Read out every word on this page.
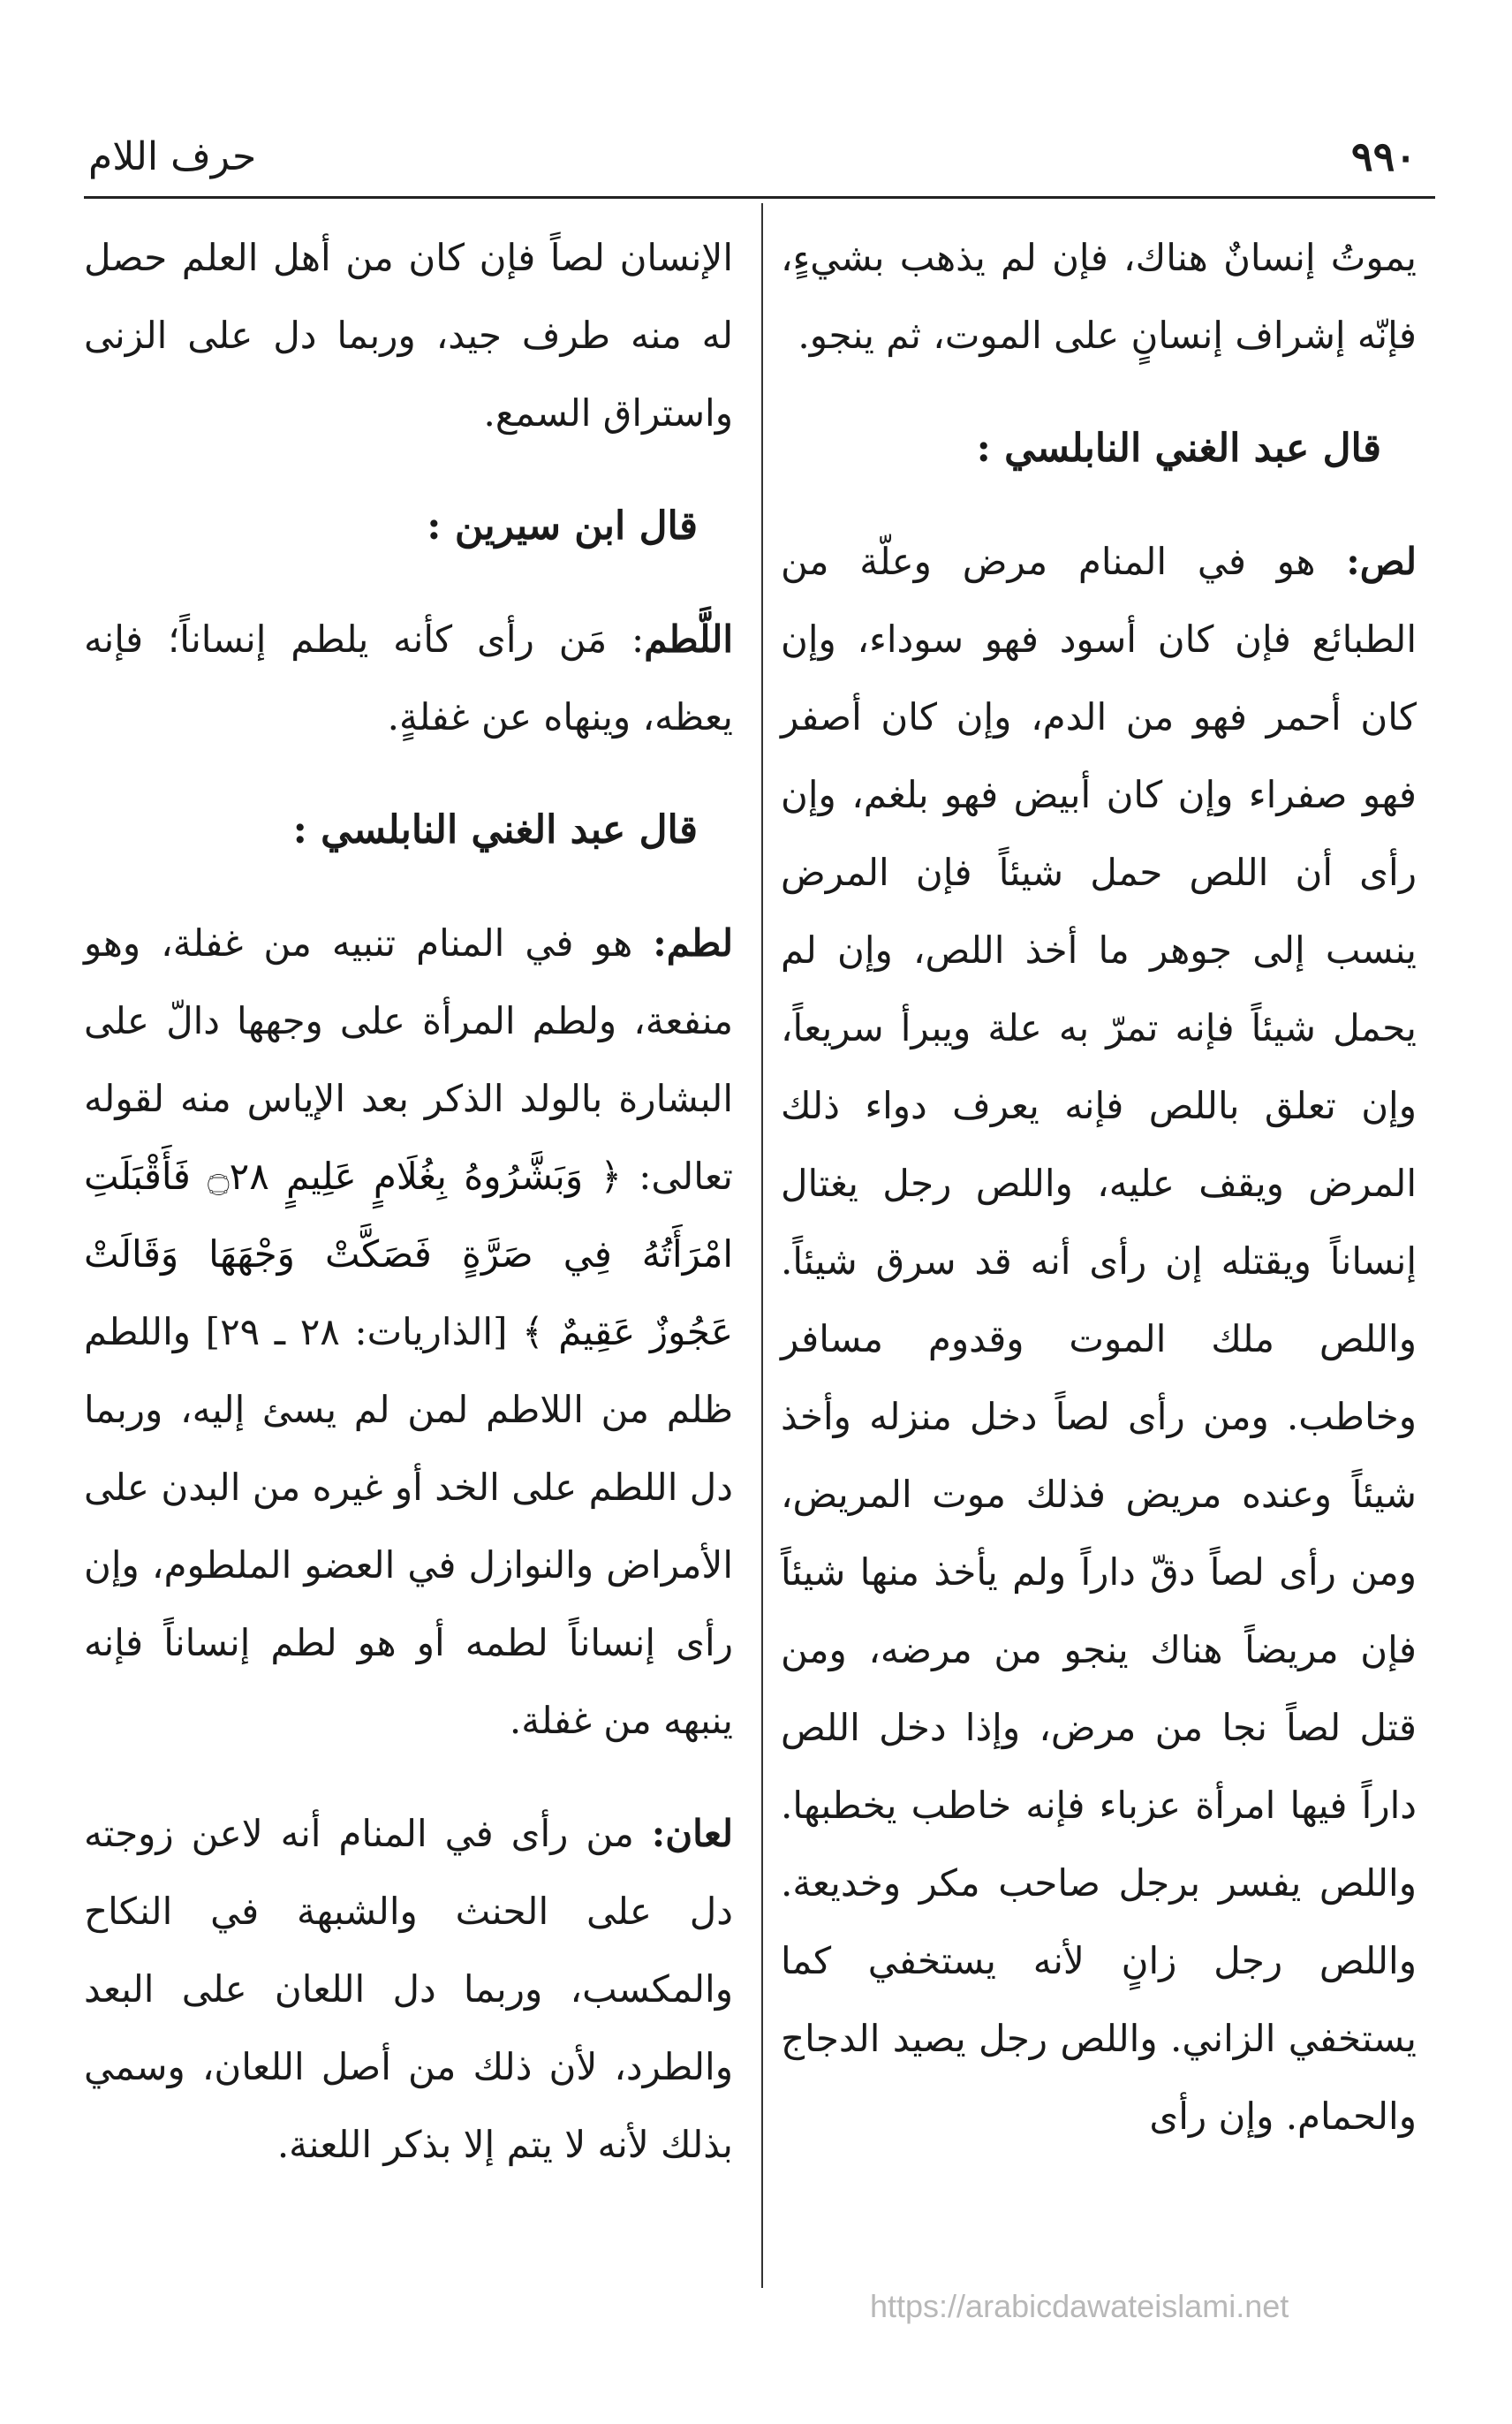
٩٩٠
حرف اللام

يموتُ إنسانٌ هناك، فإن لم يذهب بشيءٍ، فإنّه إشراف إنسانٍ على الموت، ثم ينجو.

قال عبد الغني النابلسي :

لص: هو في المنام مرض وعلّة من الطبائع فإن كان أسود فهو سوداء، وإن كان أحمر فهو من الدم، وإن كان أصفر فهو صفراء وإن كان أبيض فهو بلغم، وإن رأى أن اللص حمل شيئاً فإن المرض ينسب إلى جوهر ما أخذ اللص، وإن لم يحمل شيئاً فإنه تمرّ به علة ويبرأ سريعاً، وإن تعلق باللص فإنه يعرف دواء ذلك المرض ويقف عليه، واللص رجل يغتال إنساناً ويقتله إن رأى أنه قد سرق شيئاً. واللص ملك الموت وقدوم مسافر وخاطب. ومن رأى لصاً دخل منزله وأخذ شيئاً وعنده مريض فذلك موت المريض، ومن رأى لصاً دقّ داراً ولم يأخذ منها شيئاً فإن مريضاً هناك ينجو من مرضه، ومن قتل لصاً نجا من مرض، وإذا دخل اللص داراً فيها امرأة عزباء فإنه خاطب يخطبها. واللص يفسر برجل صاحب مكر وخديعة. واللص رجل زانٍ لأنه يستخفي كما يستخفي الزاني. واللص رجل يصيد الدجاج والحمام. وإن رأى

الإنسان لصاً فإن كان من أهل العلم حصل له منه طرف جيد، وربما دل على الزنى واستراق السمع.

قال ابن سيرين :

اللَّطم: مَن رأى كأنه يلطم إنساناً؛ فإنه يعظه، وينهاه عن غفلةٍ.

قال عبد الغني النابلسي :

لطم: هو في المنام تنبيه من غفلة، وهو منفعة، ولطم المرأة على وجهها دالّ على البشارة بالولد الذكر بعد الإياس منه لقوله تعالى: ﴿ وَبَشَّرُوهُ بِغُلَامٍ عَلِيمٍ ۝٢٨ فَأَقْبَلَتِ امْرَأَتُهُ فِي صَرَّةٍ فَصَكَّتْ وَجْهَهَا وَقَالَتْ عَجُوزٌ عَقِيمٌ ﴾ [الذاريات: ٢٨ ـ ٢٩] واللطم ظلم من اللاطم لمن لم يسئ إليه، وربما دل اللطم على الخد أو غيره من البدن على الأمراض والنوازل في العضو الملطوم، وإن رأى إنساناً لطمه أو هو لطم إنساناً فإنه ينبهه من غفلة.

لعان: من رأى في المنام أنه لاعن زوجته دل على الحنث والشبهة في النكاح والمكسب، وربما دل اللعان على البعد والطرد، لأن ذلك من أصل اللعان، وسمي بذلك لأنه لا يتم إلا بذكر اللعنة.

https://arabicdawateislami.net
